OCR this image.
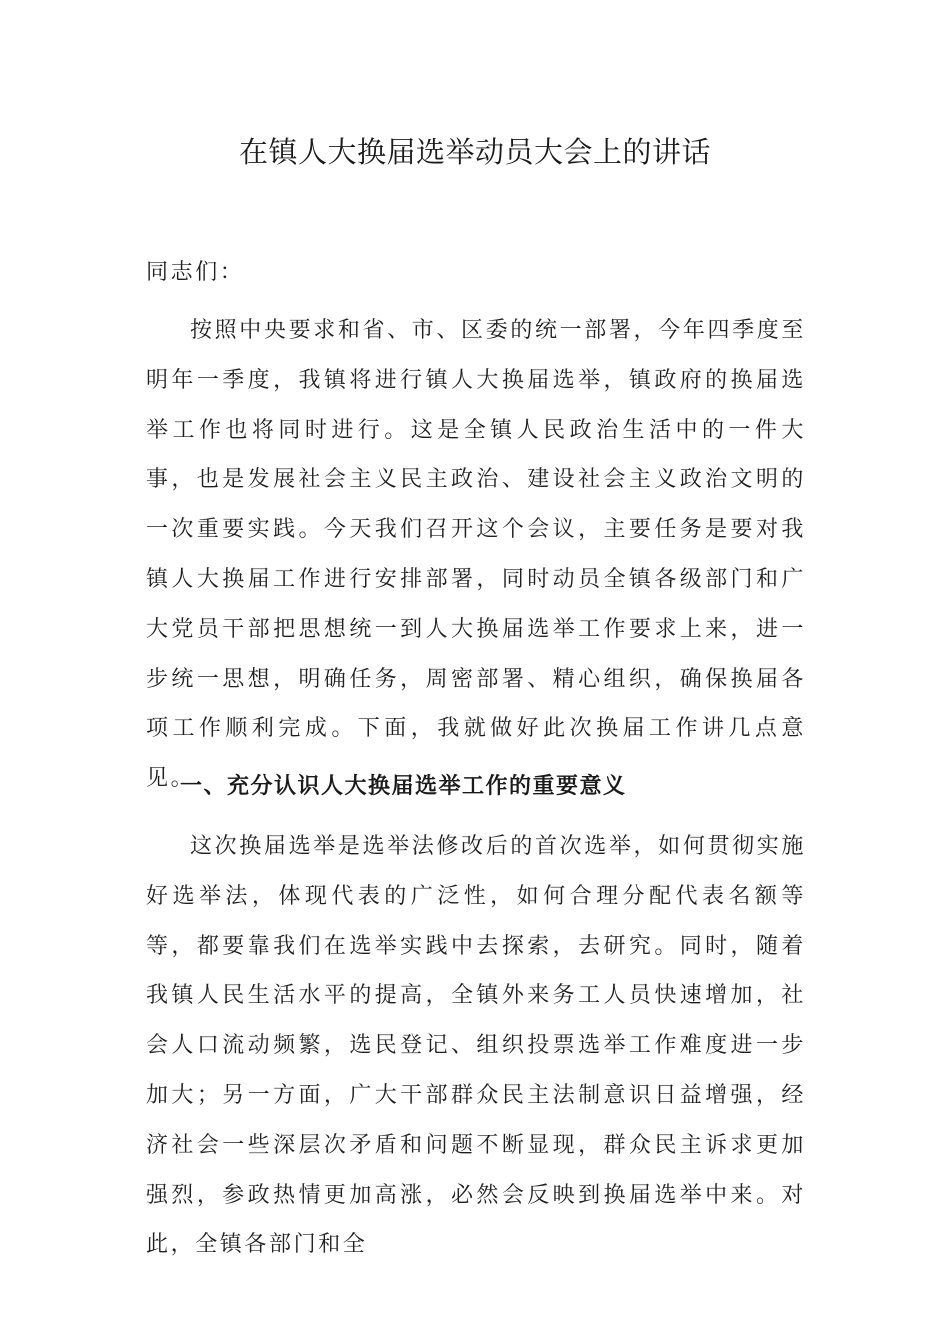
在镇人大换届选举动员大会上的讲话
同志们：
按照中央要求和省、市、区委的统一部署，今年四季度至明年一季度，我镇将进行镇人大换届选举，镇政府的换届选举工作也将同时进行。这是全镇人民政治生活中的一件大事，也是发展社会主义民主政治、建设社会主义政治文明的一次重要实践。今天我们召开这个会议，主要任务是要对我镇人大换届工作进行安排部署，同时动员全镇各级部门和广大党员干部把思想统一到人大换届选举工作要求上来，进一步统一思想，明确任务，周密部署、精心组织，确保换届各项工作顺利完成。下面，我就做好此次换届工作讲几点意见。
一、充分认识人大换届选举工作的重要意义
这次换届选举是选举法修改后的首次选举，如何贯彻实施好选举法，体现代表的广泛性，如何合理分配代表名额等等，都要靠我们在选举实践中去探索，去研究。同时，随着我镇人民生活水平的提高，全镇外来务工人员快速增加，社会人口流动频繁，选民登记、组织投票选举工作难度进一步加大；另一方面，广大干部群众民主法制意识日益增强，经济社会一些深层次矛盾和问题不断显现，群众民主诉求更加强烈，参政热情更加高涨，必然会反映到换届选举中来。对此，全镇各部门和全
